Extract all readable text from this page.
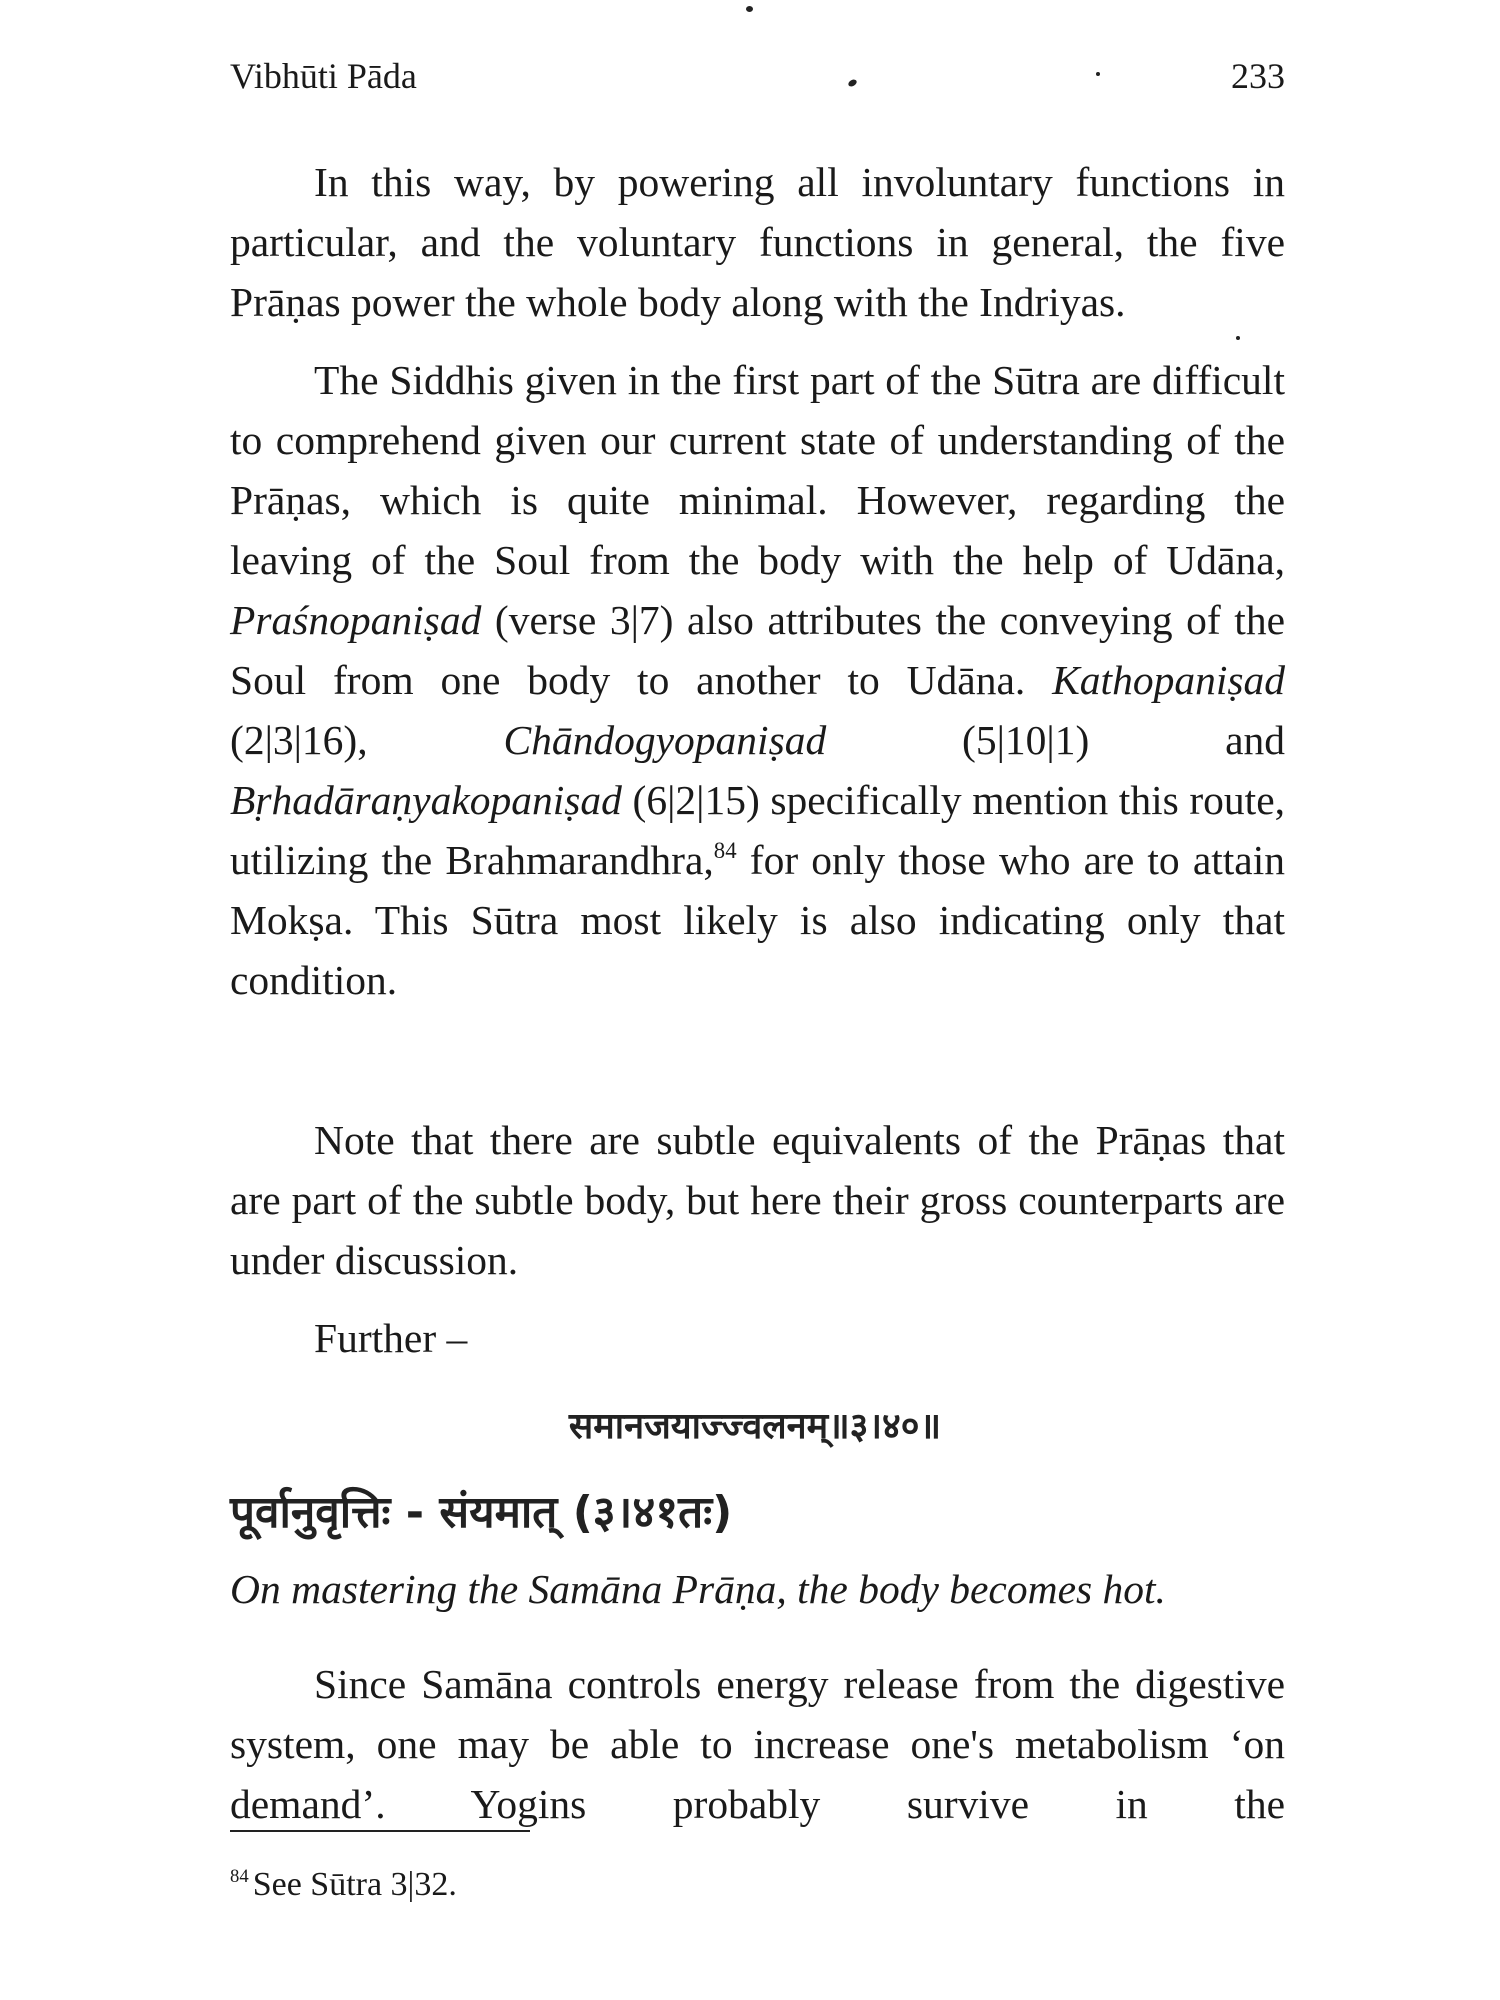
Vibhūti Pāda	233

In this way, by powering all involuntary functions in particular, and the voluntary functions in general, the five Prāṇas power the whole body along with the Indriyas.

The Siddhis given in the first part of the Sūtra are difficult to comprehend given our current state of understanding of the Prāṇas, which is quite minimal. However, regarding the leaving of the Soul from the body with the help of Udāna, Praśnopaniṣad (verse 3|7) also attributes the conveying of the Soul from one body to another to Udāna. Kathopaniṣad (2|3|16), Chāndogyopaniṣad (5|10|1) and Bṛhadāraṇyakopaniṣad (6|2|15) specifically mention this route, utilizing the Brahmarandhra,$^{84}$ for only those who are to attain Mokṣa. This Sūtra most likely is also indicating only that condition.

Note that there are subtle equivalents of the Prāṇas that are part of the subtle body, but here their gross counterparts are under discussion.

Further –

समानजयाज्ज्वलनम्॥३।४०॥
पूर्वानुवृत्तिः - संयमात् (३।४१तः)
On mastering the Samāna Prāṇa, the body becomes hot.

Since Samāna controls energy release from the digestive system, one may be able to increase one's metabolism ‘on demand’. Yogins probably survive in the

$^{84}$ See Sūtra 3|32.
